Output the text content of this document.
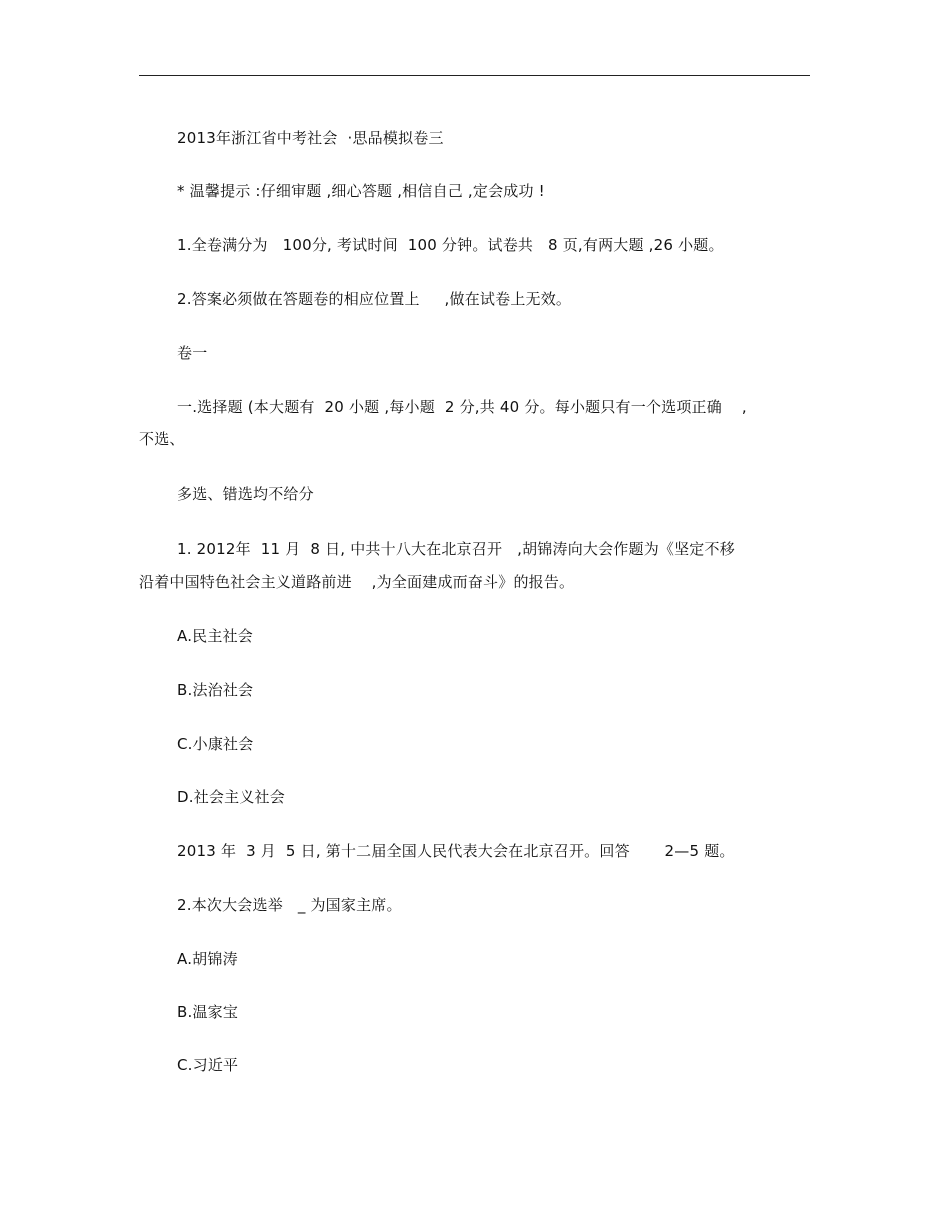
2013年浙江省中考社会  ·思品模拟卷三
* 温馨提示 :仔细审题 ,细心答题 ,相信自己 ,定会成功 !
1.全卷满分为   100分, 考试时间  100 分钟。试卷共   8 页,有两大题 ,26 小题。
2.答案必须做在答题卷的相应位置上     ,做在试卷上无效。
卷一
一.选择题 (本大题有  20 小题 ,每小题  2 分,共 40 分。每小题只有一个选项正确    ,
不选、
多选、错选均不给分
1. 2012年  11 月  8 日, 中共十八大在北京召开   ,胡锦涛向大会作题为《坚定不移
沿着中国特色社会主义道路前进    ,为全面建成而奋斗》的报告。
A.民主社会
B.法治社会
C.小康社会
D.社会主义社会
2013 年  3 月  5 日, 第十二届全国人民代表大会在北京召开。回答       2—5 题。
2.本次大会选举   _ 为国家主席。
A.胡锦涛
B.温家宝
C.习近平
